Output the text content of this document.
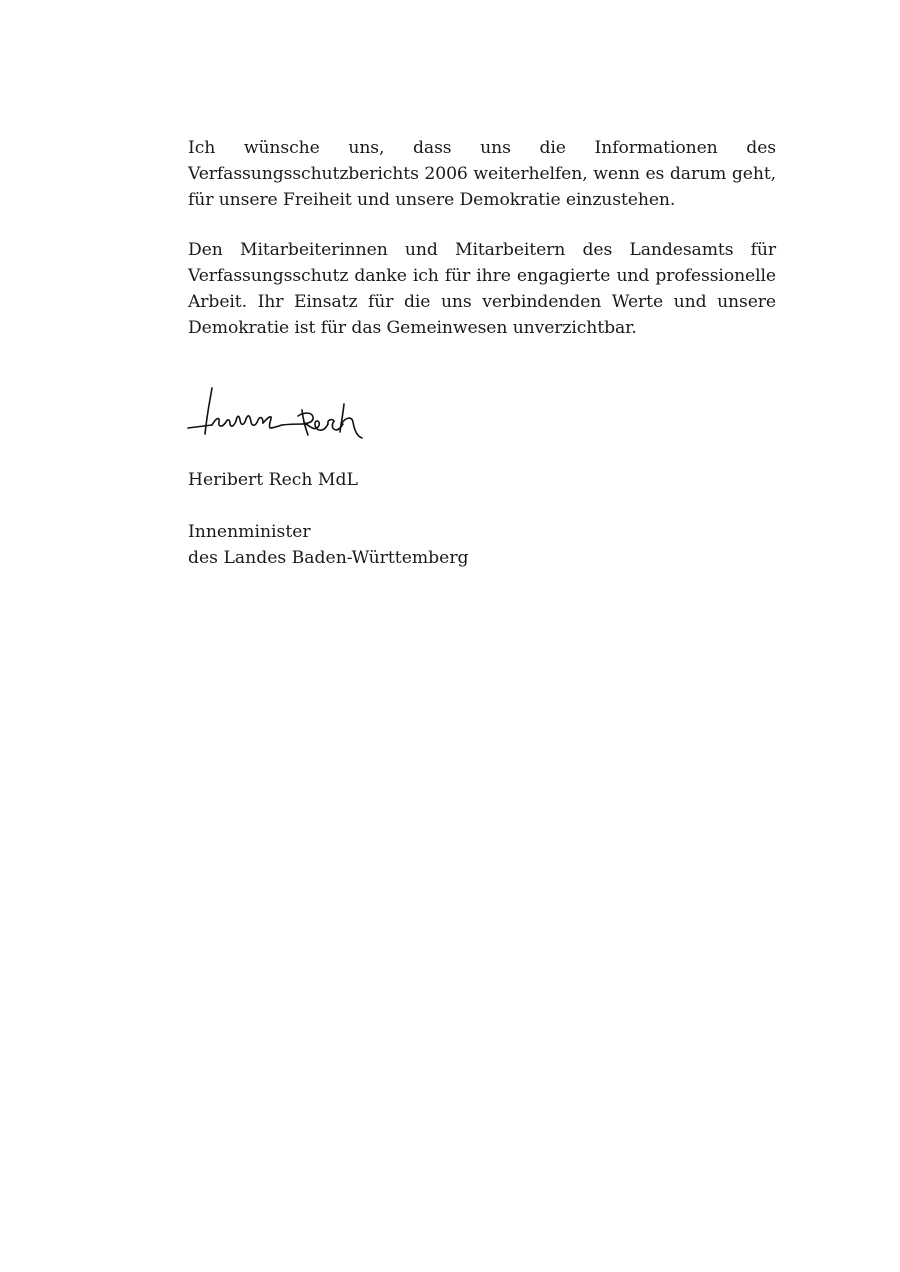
Ich wünsche uns, dass uns die Informationen des Verfassungsschutzberichts 2006 weiterhelfen, wenn es darum geht, für unsere Freiheit und unsere Demokratie einzustehen.

Den Mitarbeiterinnen und Mitarbeitern des Landesamts für Verfassungsschutz danke ich für ihre engagierte und professionelle Arbeit. Ihr Einsatz für die uns verbindenden Werte und unsere Demokratie ist für das Gemeinwesen unverzichtbar.

Heribert Rech MdL
Innenminister
des Landes Baden-Württemberg
